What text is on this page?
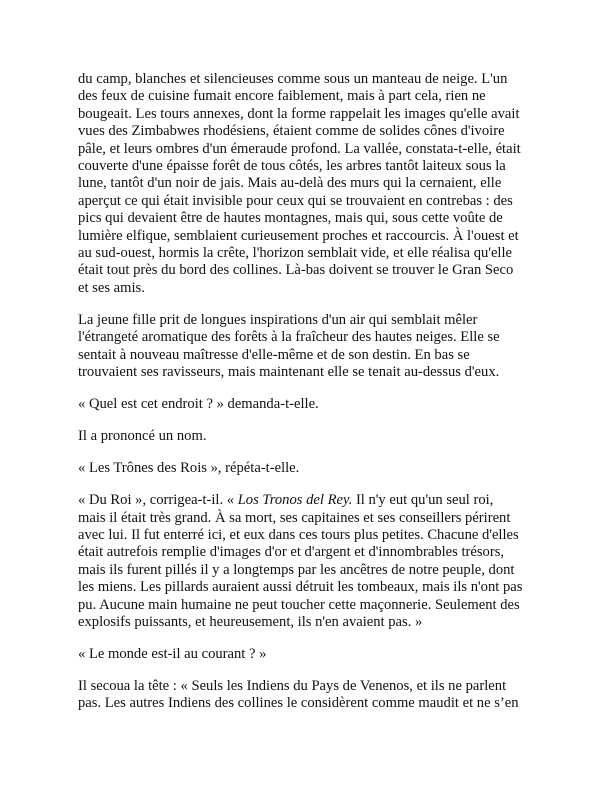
du camp, blanches et silencieuses comme sous un manteau de neige. L'un
des feux de cuisine fumait encore faiblement, mais à part cela, rien ne
bougeait. Les tours annexes, dont la forme rappelait les images qu'elle avait
vues des Zimbabwes rhodésiens, étaient comme de solides cônes d'ivoire
pâle, et leurs ombres d'un émeraude profond. La vallée, constata-t-elle, était
couverte d'une épaisse forêt de tous côtés, les arbres tantôt laiteux sous la
lune, tantôt d'un noir de jais. Mais au-delà des murs qui la cernaient, elle
aperçut ce qui était invisible pour ceux qui se trouvaient en contrebas : des
pics qui devaient être de hautes montagnes, mais qui, sous cette voûte de
lumière elfique, semblaient curieusement proches et raccourcis. À l'ouest et
au sud-ouest, hormis la crête, l'horizon semblait vide, et elle réalisa qu'elle
était tout près du bord des collines. Là-bas doivent se trouver le Gran Seco
et ses amis.

La jeune fille prit de longues inspirations d'un air qui semblait mêler
l'étrangeté aromatique des forêts à la fraîcheur des hautes neiges. Elle se
sentait à nouveau maîtresse d'elle-même et de son destin. En bas se
trouvaient ses ravisseurs, mais maintenant elle se tenait au-dessus d'eux.

« Quel est cet endroit ? » demanda-t-elle.

Il a prononcé un nom.

« Les Trônes des Rois », répéta-t-elle.

« Du Roi », corrigea-t-il. « Los Tronos del Rey. Il n'y eut qu'un seul roi,
mais il était très grand. À sa mort, ses capitaines et ses conseillers périrent
avec lui. Il fut enterré ici, et eux dans ces tours plus petites. Chacune d'elles
était autrefois remplie d'images d'or et d'argent et d'innombrables trésors,
mais ils furent pillés il y a longtemps par les ancêtres de notre peuple, dont
les miens. Les pillards auraient aussi détruit les tombeaux, mais ils n'ont pas
pu. Aucune main humaine ne peut toucher cette maçonnerie. Seulement des
explosifs puissants, et heureusement, ils n'en avaient pas. »

« Le monde est-il au courant ? »

Il secoua la tête : « Seuls les Indiens du Pays de Venenos, et ils ne parlent
pas. Les autres Indiens des collines le considèrent comme maudit et ne s’en
